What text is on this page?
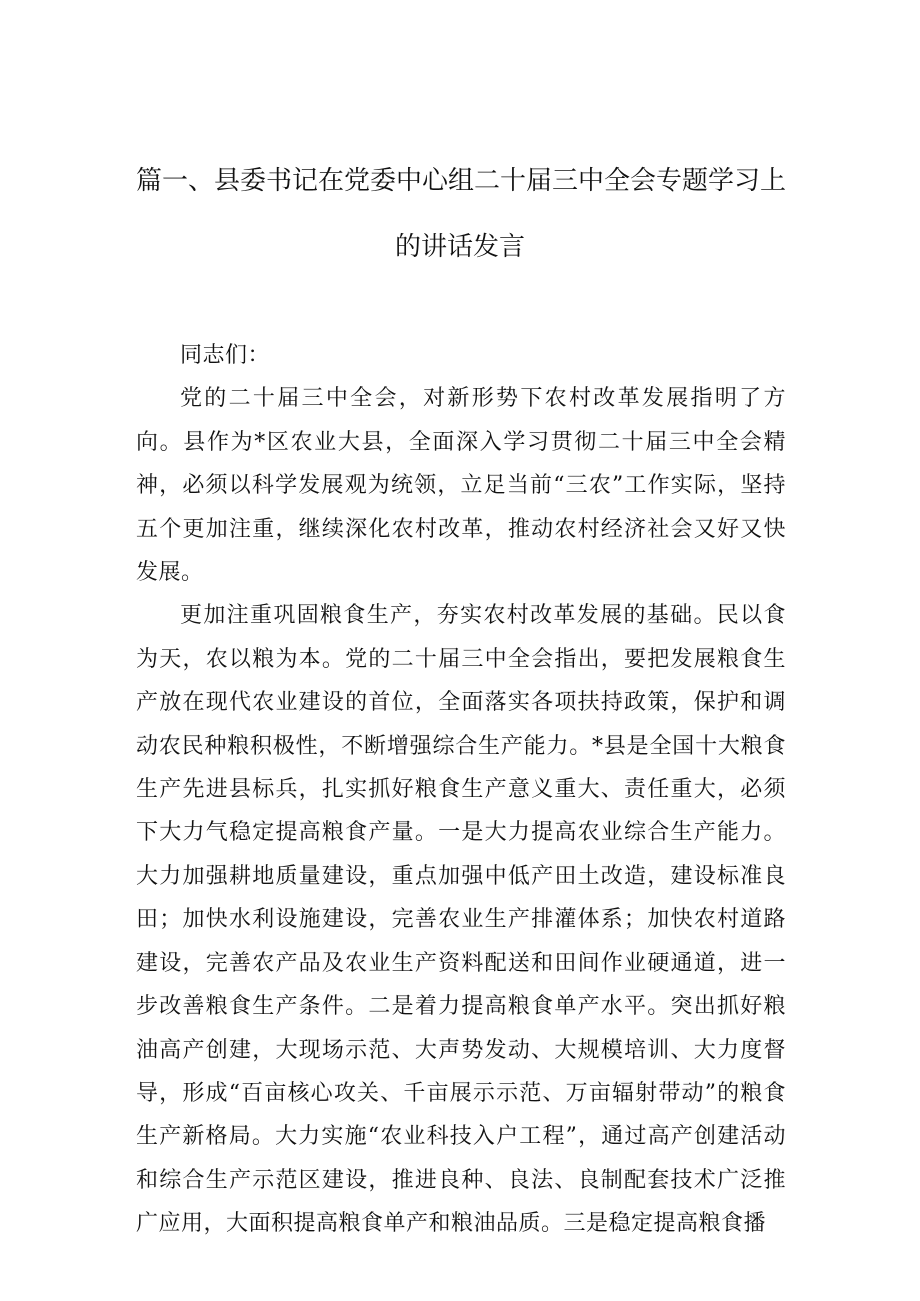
篇一、县委书记在党委中心组二十届三中全会专题学习上
的讲话发言

同志们：

党的二十届三中全会，对新形势下农村改革发展指明了方向。县作为*区农业大县，全面深入学习贯彻二十届三中全会精神，必须以科学发展观为统领，立足当前“三农”工作实际，坚持五个更加注重，继续深化农村改革，推动农村经济社会又好又快发展。

更加注重巩固粮食生产，夯实农村改革发展的基础。民以食为天，农以粮为本。党的二十届三中全会指出，要把发展粮食生产放在现代农业建设的首位，全面落实各项扶持政策，保护和调动农民种粮积极性，不断增强综合生产能力。*县是全国十大粮食生产先进县标兵，扎实抓好粮食生产意义重大、责任重大，必须下大力气稳定提高粮食产量。一是大力提高农业综合生产能力。大力加强耕地质量建设，重点加强中低产田土改造，建设标准良田；加快水利设施建设，完善农业生产排灌体系；加快农村道路建设，完善农产品及农业生产资料配送和田间作业硬通道，进一步改善粮食生产条件。二是着力提高粮食单产水平。突出抓好粮油高产创建，大现场示范、大声势发动、大规模培训、大力度督导，形成“百亩核心攻关、千亩展示示范、万亩辐射带动”的粮食生产新格局。大力实施“农业科技入户工程”，通过高产创建活动和综合生产示范区建设，推进良种、良法、良制配套技术广泛推广应用，大面积提高粮食单产和粮油品质。三是稳定提高粮食播
